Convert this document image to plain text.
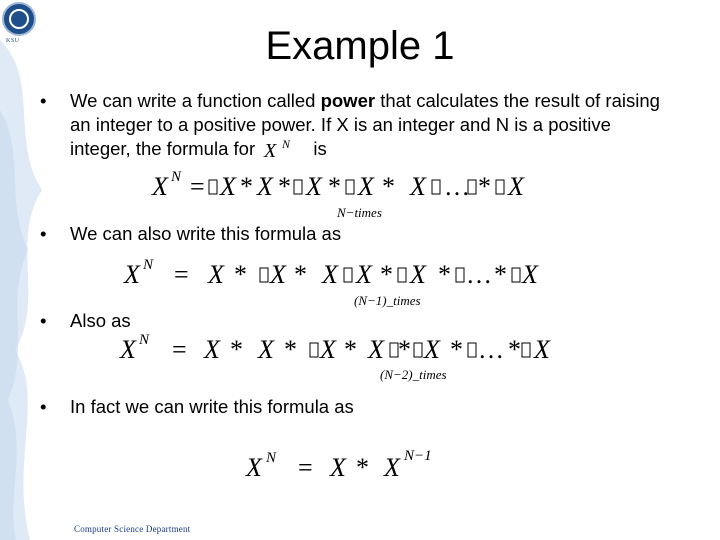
KSU	Example 1
•	We can write a function called power that calculates the result of raising an integer to a positive power. If X is an integer and N is a positive integer, the formula for X N is
X N = X * X * X * X * X … * X
N−times
•	We can also write this formula as
X N = X * X * X X * X * … * X
(N−1)_times
•	Also as
X N = X * X * X * X * X * … * X
(N−2)_times
•	In fact we can write this formula as
X N = X * X N−1
Computer Science Department
